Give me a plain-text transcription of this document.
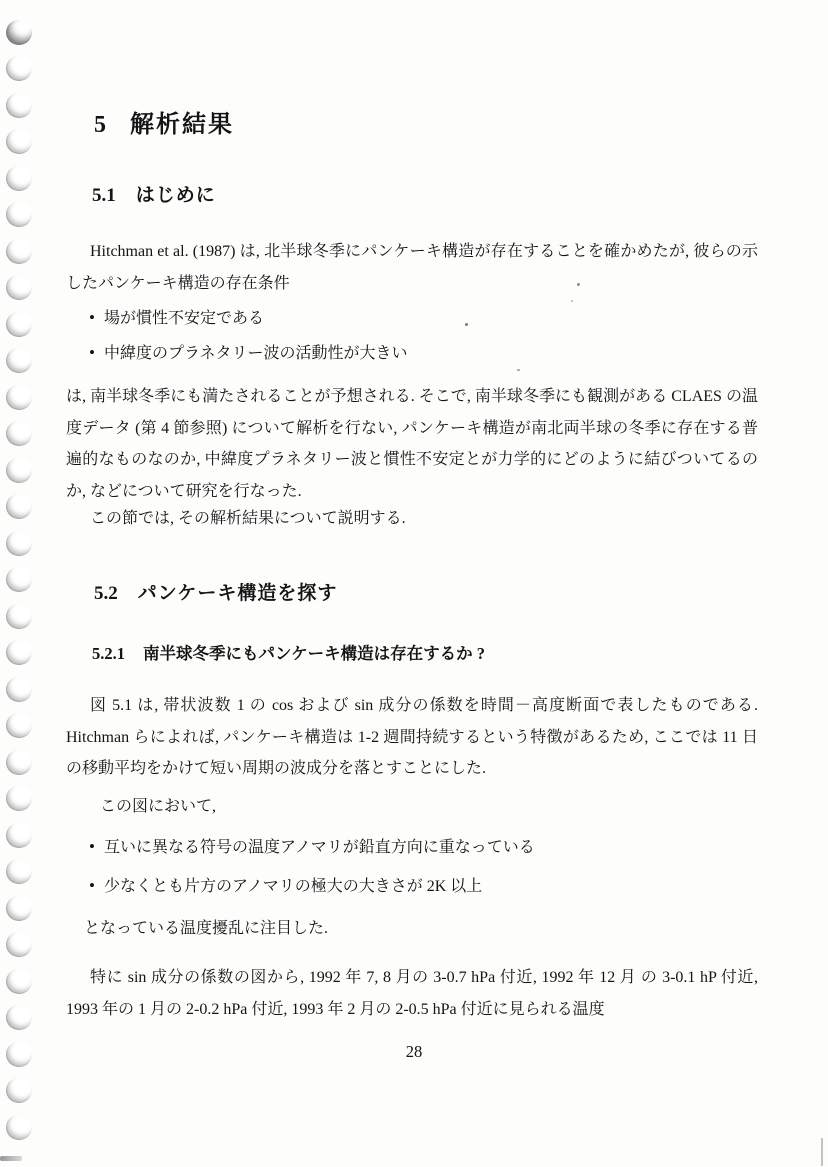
5 解析結果
5.1 はじめに

Hitchman et al. (1987) は, 北半球冬季にパンケーキ構造が存在することを確かめたが, 彼らの示したパンケーキ構造の存在条件

• 場が慣性不安定である
• 中緯度のプラネタリー波の活動性が大きい

は, 南半球冬季にも満たされることが予想される. そこで, 南半球冬季にも観測がある CLAES の温度データ (第 4 節参照) について解析を行ない, パンケーキ構造が南北両半球の冬季に存在する普遍的なものなのか, 中緯度プラネタリー波と慣性不安定とが力学的にどのように結びついてるのか, などについて研究を行なった.

この節では, その解析結果について説明する.

5.2 パンケーキ構造を探す
5.2.1 南半球冬季にもパンケーキ構造は存在するか ?

図 5.1 は, 帯状波数 1 の cos および sin 成分の係数を時間－高度断面で表したものである. Hitchman らによれば, パンケーキ構造は 1-2 週間持続するという特徴があるため, ここでは 11 日の移動平均をかけて短い周期の波成分を落とすことにした.

この図において,

• 互いに異なる符号の温度アノマリが鉛直方向に重なっている
• 少なくとも片方のアノマリの極大の大きさが 2K 以上

となっている温度擾乱に注目した.

特に sin 成分の係数の図から, 1992 年 7, 8 月の 3-0.7 hPa 付近, 1992 年 12 月 の 3-0.1 hP 付近, 1993 年の 1 月の 2-0.2 hPa 付近, 1993 年 2 月の 2-0.5 hPa 付近に見られる温度

28
